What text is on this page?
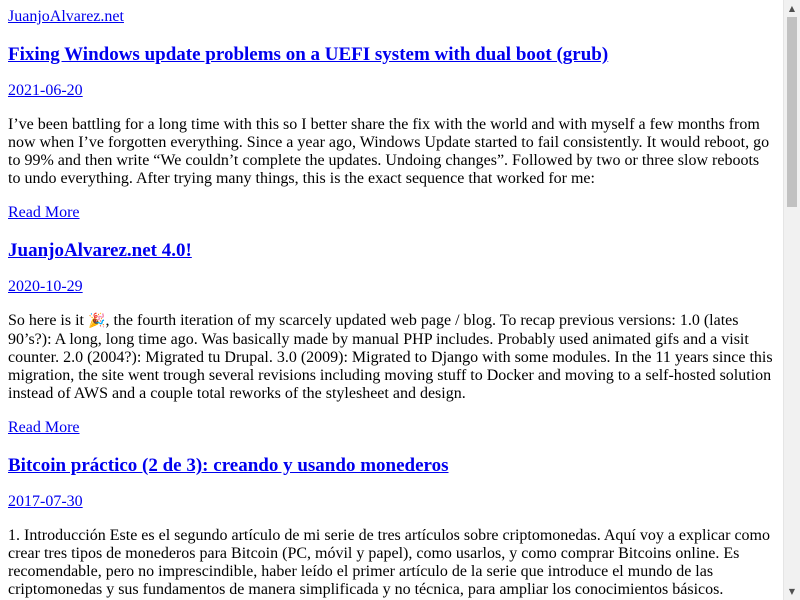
JuanjoAlvarez.net
Fixing Windows update problems on a UEFI system with dual boot (grub)
2021-06-20

I’ve been battling for a long time with this so I better share the fix with the world and with myself a few months from now when I’ve forgotten everything. Since a year ago, Windows Update started to fail consistently. It would reboot, go to 99% and then write “We couldn’t complete the updates. Undoing changes”. Followed by two or three slow reboots to undo everything. After trying many things, this is the exact sequence that worked for me:

Read More
JuanjoAlvarez.net 4.0!
2020-10-29

So here is it 🎉, the fourth iteration of my scarcely updated web page / blog. To recap previous versions: 1.0 (lates 90’s?): A long, long time ago. Was basically made by manual PHP includes. Probably used animated gifs and a visit counter. 2.0 (2004?): Migrated tu Drupal. 3.0 (2009): Migrated to Django with some modules. In the 11 years since this migration, the site went trough several revisions including moving stuff to Docker and moving to a self-hosted solution instead of AWS and a couple total reworks of the stylesheet and design.

Read More
Bitcoin práctico (2 de 3): creando y usando monederos
2017-07-30

1. Introducción Este es el segundo artículo de mi serie de tres artículos sobre criptomonedas. Aquí voy a explicar como crear tres tipos de monederos para Bitcoin (PC, móvil y papel), como usarlos, y como comprar Bitcoins online. Es recomendable, pero no imprescindible, haber leído el primer artículo de la serie que introduce el mundo de las criptomonedas y sus fundamentos de manera simplificada y no técnica, para ampliar los conocimientos básicos.

▲
▼
